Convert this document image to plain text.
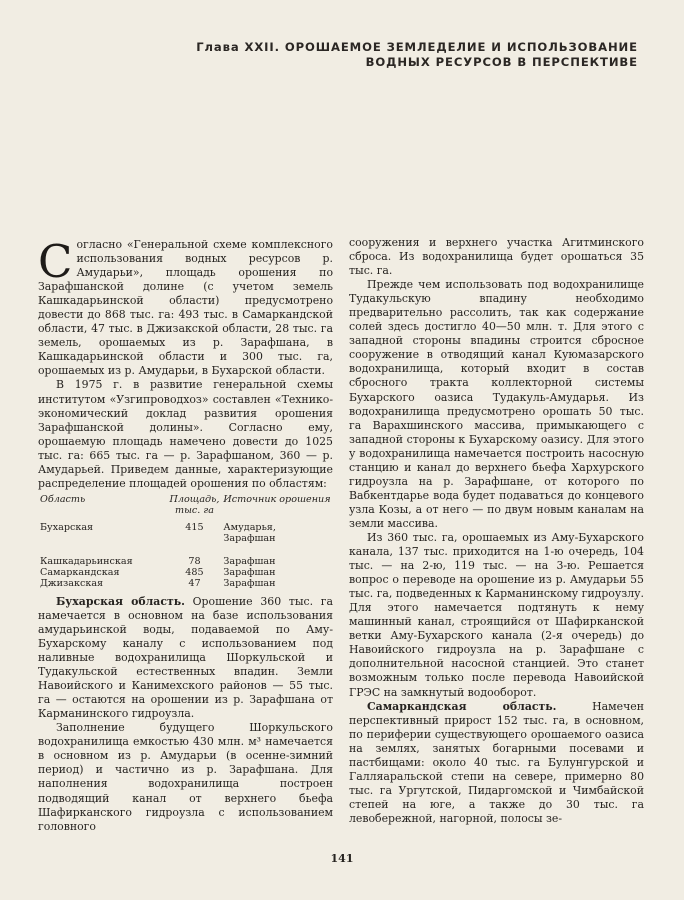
Глава XXII. ОРОШАЕМОЕ ЗЕМЛЕДЕЛИЕ И ИСПОЛЬЗОВАНИЕ
ВОДНЫХ РЕСУРСОВ В ПЕРСПЕКТИВЕ

Согласно «Генеральной схеме комплексного использования водных ресурсов р. Амударьи», площадь орошения по Зарафшанской долине (с учетом земель Кашкадарьинской области) предусмотрено довести до 868 тыс. га: 493 тыс. в Самаркандской области, 47 тыс. в Джизакской области, 28 тыс. га земель, орошаемых из р. Зарафшана, в Кашкадарьинской области и 300 тыс. га, орошаемых из р. Амударьи, в Бухарской области.

В 1975 г. в развитие генеральной схемы институтом «Узгипроводхоз» составлен «Технико-экономический доклад развития орошения Зарафшанской долины». Согласно ему, орошаемую площадь намечено довести до 1025 тыс. га: 665 тыс. га — р. Зарафшаном, 360 — р. Амударьей. Приведем данные, характеризующие распределение площадей орошения по областям:

Область	Площадь, тыс. га	Источник орошения
Бухарская	415	Амударья, Зарафшан
Кашкадарьинская	78	Зарафшан
Самаркандская	485	Зарафшан
Джизакская	47	Зарафшан

Бухарская область. Орошение 360 тыс. га намечается в основном на базе использования амударьинской воды, подаваемой по Аму-Бухарскому каналу с использованием под наливные водохранилища Шоркульской и Тудакульской естественных впадин. Земли Навоийского и Канимехского районов — 55 тыс. га — остаются на орошении из р. Зарафшана от Карманинского гидроузла.

Заполнение будущего Шоркульского водохранилища емкостью 430 млн. м³ намечается в основном из р. Амударьи (в осенне-зимний период) и частично из р. Зарафшана. Для наполнения водохранилища построен подводящий канал от верхнего бьефа Шафирканского гидроузла с использованием головного

сооружения и верхнего участка Агитминского сброса. Из водохранилища будет орошаться 35 тыс. га.

Прежде чем использовать под водохранилище Тудакульскую впадину необходимо предварительно рассолить, так как содержание солей здесь достигло 40—50 млн. т. Для этого с западной стороны впадины строится сбросное сооружение в отводящий канал Куюмазарского водохранилища, который входит в состав сбросного тракта коллекторной системы Бухарского оазиса Тудакуль-Амударья. Из водохранилища предусмотрено орошать 50 тыс. га Варахшинского массива, примыкающего с западной стороны к Бухарскому оазису. Для этого у водохранилища намечается построить насосную станцию и канал до верхнего бьефа Хархурского гидроузла на р. Зарафшане, от которого по Вабкентдарье вода будет подаваться до концевого узла Козы, а от него — по двум новым каналам на земли массива.

Из 360 тыс. га, орошаемых из Аму-Бухарского канала, 137 тыс. приходится на 1-ю очередь, 104 тыс. — на 2-ю, 119 тыс. — на 3-ю. Решается вопрос о переводе на орошение из р. Амударьи 55 тыс. га, подведенных к Карманинскому гидроузлу. Для этого намечается подтянуть к нему машинный канал, строящийся от Шафирканской ветки Аму-Бухарского канала (2-я очередь) до Навоийского гидроузла на р. Зарафшане с дополнительной насосной станцией. Это станет возможным только после перевода Навоийской ГРЭС на замкнутый водооборот.

Самаркандская область. Намечен перспективный прирост 152 тыс. га, в основном, по периферии существующего орошаемого оазиса на землях, занятых богарными посевами и пастбищами: около 40 тыс. га Булунгурской и Галляаральской степи на севере, примерно 80 тыс. га Ургутской, Пидаргомской и Чимбайской степей на юге, а также до 30 тыс. га левобережной, нагорной, полосы зе-

141
